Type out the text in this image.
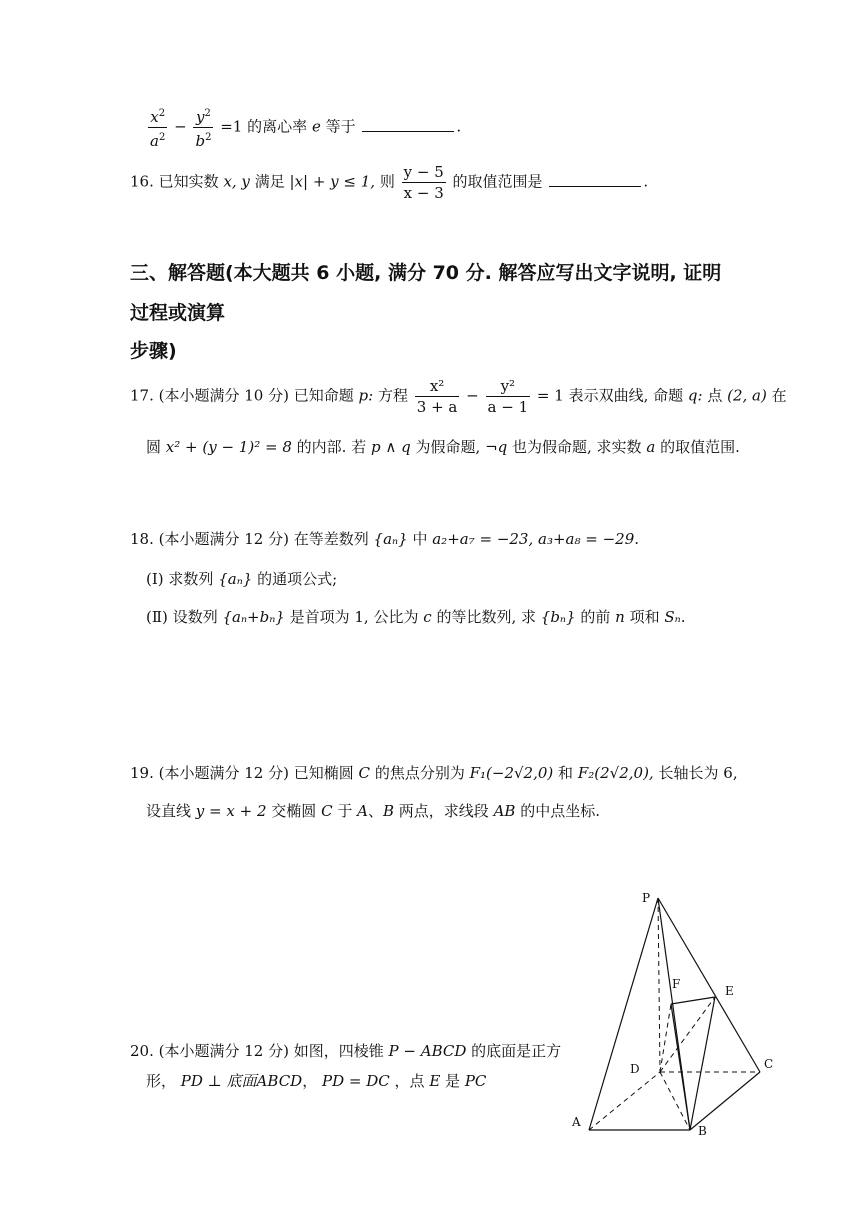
$\frac{x^2}{a^2} - \frac{y^2}{b^2} =1$ 的离心率 e 等于	.
16. 已知实数 x, y 满足 |x| + y ≤ 1, 则 $\frac{y - 5}{x - 3}$ 的取值范围是	.
三、解答题(本大题共 6 小题, 满分 70 分. 解答应写出文字说明, 证明
过程或演算
步骤)
17. (本小题满分 10 分) 已知命题 p: 方程 $\frac{\text{x²}}{3 + a} - \frac{\text{y²}}{a - 1} = 1$ 表示双曲线, 命题 q: 点 (2, a) 在
圆 x² + (y − 1)² = 8 的内部. 若 p ∧ q 为假命题, ¬q 也为假命题, 求实数 a 的取值范围.
18. (本小题满分 12 分) 在等差数列 {aₙ} 中 a₂+a₇ = −23, a₃+a₈ = −29.
(Ⅰ) 求数列 {aₙ} 的通项公式;
(Ⅱ) 设数列 {aₙ+bₙ} 是首项为 1, 公比为 c 的等比数列, 求 {bₙ} 的前 n 项和 Sₙ.
19. (本小题满分 12 分) 已知椭圆 C 的焦点分别为 F₁(−2√2,0) 和 F₂(2√2,0), 长轴长为 6,
设直线 y = x + 2 交椭圆 C 于 A、B 两点，求线段 AB 的中点坐标.
20. (本小题满分 12 分) 如图，四棱锥 P − ABCD 的底面是正方
形， PD ⊥ 底面ABCD， PD = DC ，点 E 是 PC
P
F	E
D	C
A
B
